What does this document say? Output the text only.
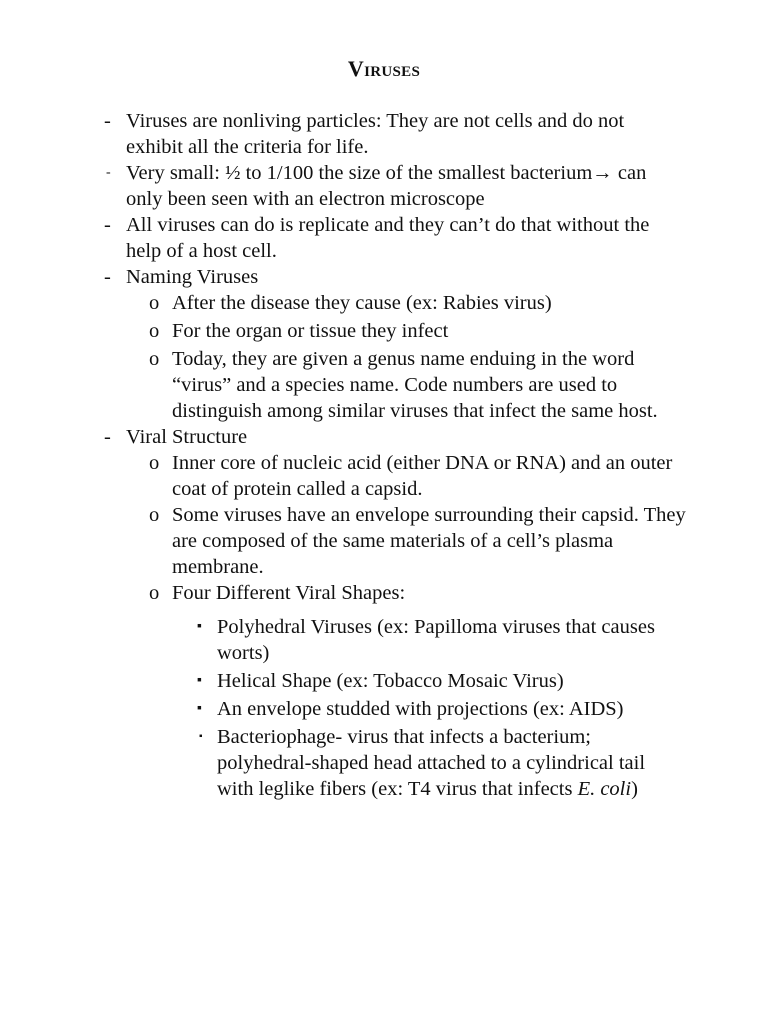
Viruses
- Viruses are nonliving particles: They are not cells and do not exhibit all the criteria for life.
- Very small: ½ to 1/100 the size of the smallest bacterium→ can only been seen with an electron microscope
- All viruses can do is replicate and they can’t do that without the help of a host cell.
- Naming Viruses
o After the disease they cause (ex: Rabies virus)
o For the organ or tissue they infect
o Today, they are given a genus name enduing in the word “virus” and a species name. Code numbers are used to distinguish among similar viruses that infect the same host.
- Viral Structure
o Inner core of nucleic acid (either DNA or RNA) and an outer coat of protein called a capsid.
o Some viruses have an envelope surrounding their capsid. They are composed of the same materials of a cell’s plasma membrane.
o Four Different Viral Shapes:
▪ Polyhedral Viruses (ex: Papilloma viruses that causes worts)
▪ Helical Shape (ex: Tobacco Mosaic Virus)
▪ An envelope studded with projections (ex: AIDS)
▪ Bacteriophage- virus that infects a bacterium; polyhedral-shaped head attached to a cylindrical tail with leglike fibers (ex: T4 virus that infects E. coli)
